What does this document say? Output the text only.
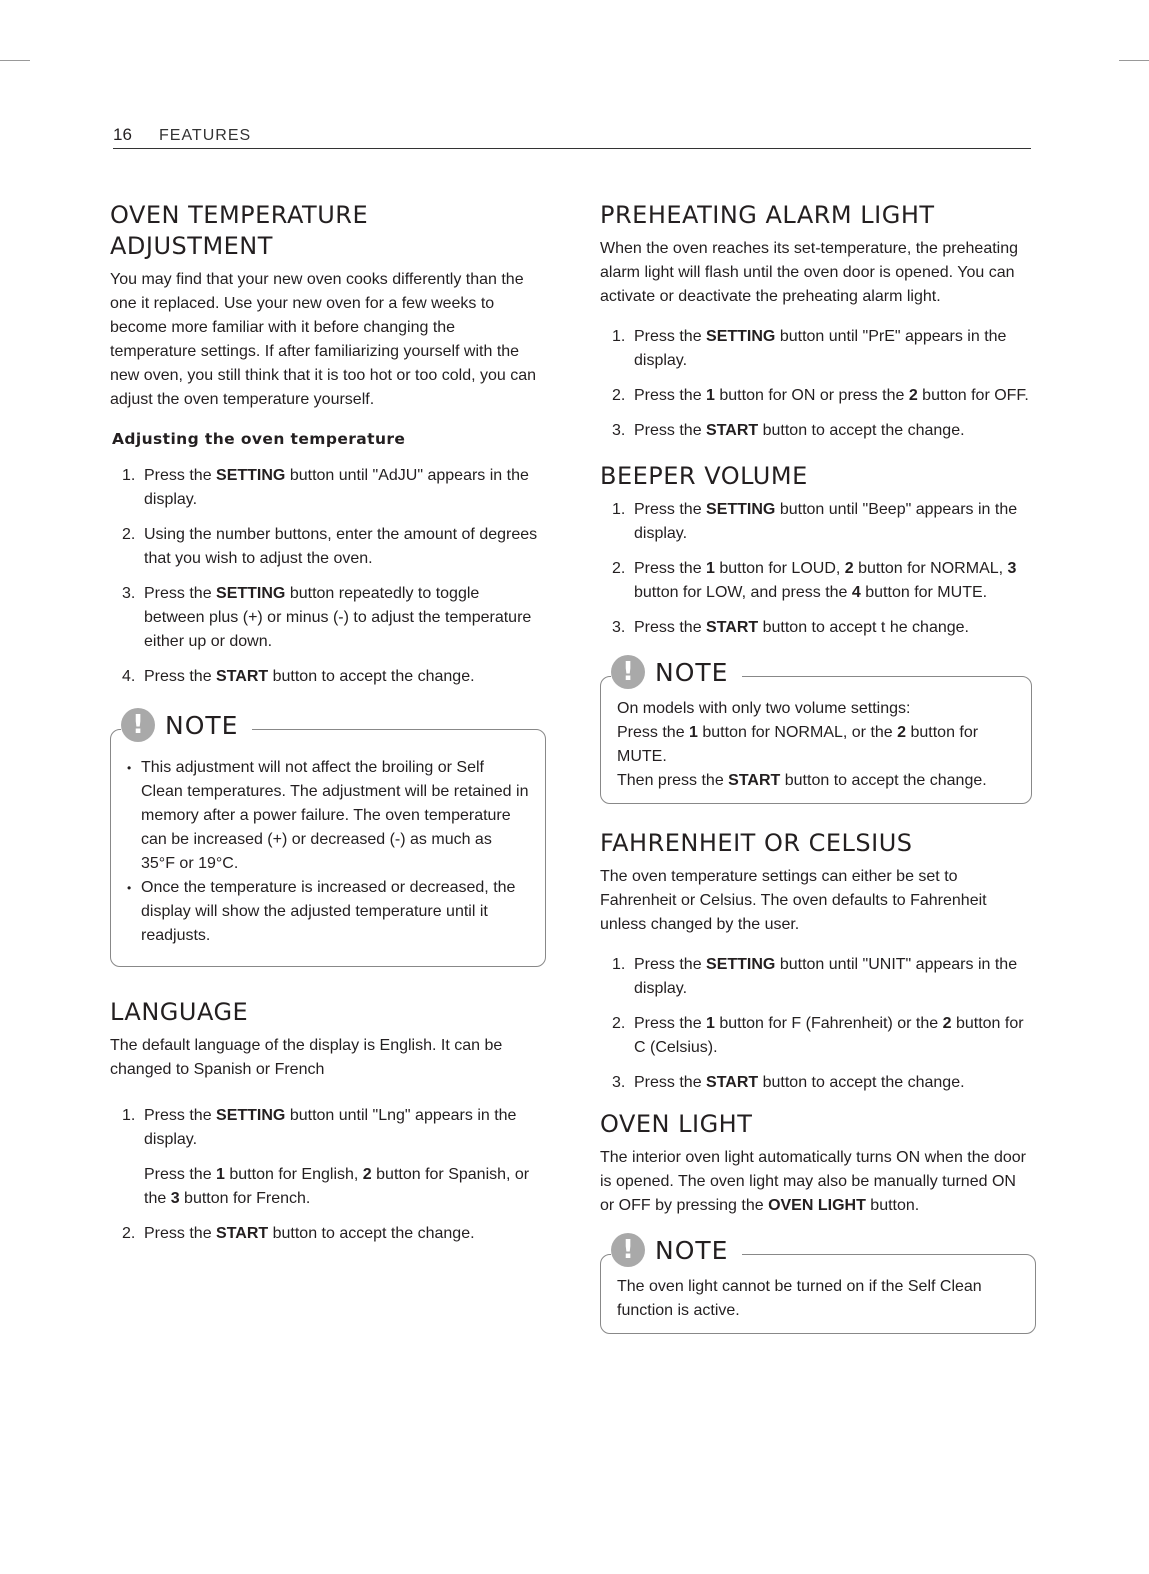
16 FEATURES
OVEN TEMPERATURE
ADJUSTMENT

You may find that your new oven cooks differently than the one it replaced. Use your new oven for a few weeks to become more familiar with it before changing the temperature settings. If after familiarizing yourself with the new oven, you still think that it is too hot or too cold, you can adjust the oven temperature yourself.

Adjusting the oven temperature
1. Press the SETTING button until "AdJU" appears in the display.
2. Using the number buttons, enter the amount of degrees that you wish to adjust the oven.
3. Press the SETTING button repeatedly to toggle between plus (+) or minus (-) to adjust the temperature either up or down.
4. Press the START button to accept the change.
! NOTE
• This adjustment will not affect the broiling or Self Clean temperatures. The adjustment will be retained in memory after a power failure. The oven temperature can be increased (+) or decreased (-) as much as 35°F or 19°C.
• Once the temperature is increased or decreased, the display will show the adjusted temperature until it readjusts.
LANGUAGE

The default language of the display is English. It can be changed to Spanish or French

1. Press the SETTING button until "Lng" appears in the display.
Press the 1 button for English, 2 button for Spanish, or the 3 button for French.
2. Press the START button to accept the change.
PREHEATING ALARM LIGHT

When the oven reaches its set-temperature, the preheating alarm light will flash until the oven door is opened. You can activate or deactivate the preheating alarm light.

1. Press the SETTING button until "PrE" appears in the display.
2. Press the 1 button for ON or press the 2 button for OFF.
3. Press the START button to accept the change.
BEEPER VOLUME
1. Press the SETTING button until "Beep" appears in the display.
2. Press the 1 button for LOUD, 2 button for NORMAL, 3 button for LOW, and press the 4 button for MUTE.
3. Press the START button to accept t he change.
! NOTE

On models with only two volume settings:

Press the 1 button for NORMAL, or the 2 button for MUTE.

Then press the START button to accept the change.

FAHRENHEIT OR CELSIUS

The oven temperature settings can either be set to Fahrenheit or Celsius. The oven defaults to Fahrenheit unless changed by the user.

1. Press the SETTING button until "UNIT" appears in the display.
2. Press the 1 button for F (Fahrenheit) or the 2 button for C (Celsius).
3. Press the START button to accept the change.
OVEN LIGHT

The interior oven light automatically turns ON when the door is opened. The oven light may also be manually turned ON or OFF by pressing the OVEN LIGHT button.

! NOTE

The oven light cannot be turned on if the Self Clean function is active.
